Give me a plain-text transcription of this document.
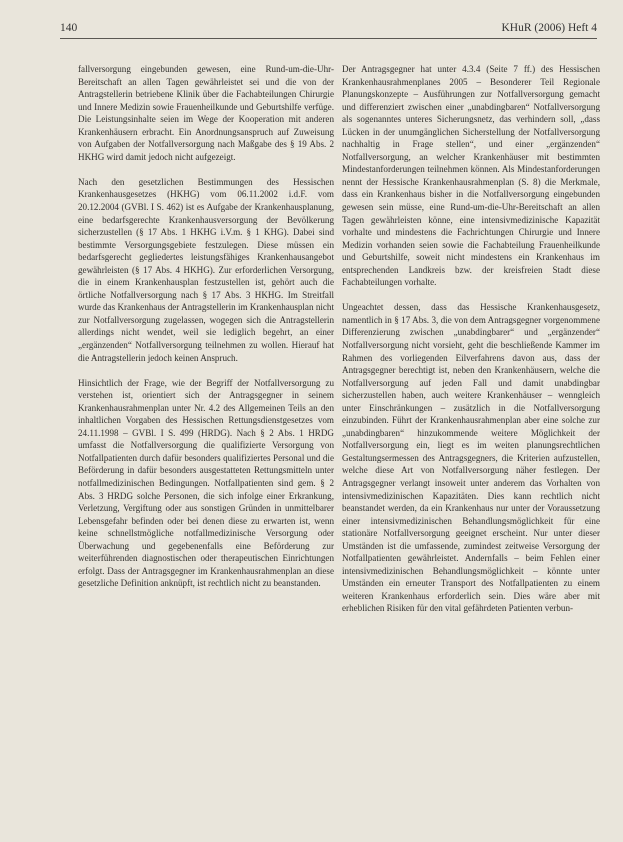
140	KHuR (2006) Heft 4

fallversorgung eingebunden gewesen, eine Rund-um-die-Uhr-Bereitschaft an allen Tagen gewährleistet sei und die von der Antragstellerin betriebene Klinik über die Fachabteilungen Chirurgie und Innere Medizin sowie Frauenheilkunde und Geburtshilfe verfüge. Die Leistungsinhalte seien im Wege der Kooperation mit anderen Krankenhäusern erbracht. Ein Anordnungsanspruch auf Zuweisung von Aufgaben der Notfallversorgung nach Maßgabe des § 19 Abs. 2 HKHG wird damit jedoch nicht aufgezeigt.

Nach den gesetzlichen Bestimmungen des Hessischen Krankenhausgesetzes (HKHG) vom 06.11.2002 i.d.F. vom 20.12.2004 (GVBl. I S. 462) ist es Aufgabe der Krankenhausplanung, eine bedarfsgerechte Krankenhausversorgung der Bevölkerung sicherzustellen (§ 17 Abs. 1 HKHG i.V.m. § 1 KHG). Dabei sind bestimmte Versorgungsgebiete festzulegen. Diese müssen ein bedarfsgerecht gegliedertes leistungsfähiges Krankenhausangebot gewährleisten (§ 17 Abs. 4 HKHG). Zur erforderlichen Versorgung, die in einem Krankenhausplan festzustellen ist, gehört auch die örtliche Notfallversorgung nach § 17 Abs. 3 HKHG. Im Streitfall wurde das Krankenhaus der Antragstellerin im Krankenhausplan nicht zur Notfallversorgung zugelassen, wogegen sich die Antragstellerin allerdings nicht wendet, weil sie lediglich begehrt, an einer „ergänzenden“ Notfallversorgung teilnehmen zu wollen. Hierauf hat die Antragstellerin jedoch keinen Anspruch.

Hinsichtlich der Frage, wie der Begriff der Notfallversorgung zu verstehen ist, orientiert sich der Antragsgegner in seinem Krankenhausrahmenplan unter Nr. 4.2 des Allgemeinen Teils an den inhaltlichen Vorgaben des Hessischen Rettungsdienstgesetzes vom 24.11.1998 – GVBl. I S. 499 (HRDG). Nach § 2 Abs. 1 HRDG umfasst die Notfallversorgung die qualifizierte Versorgung von Notfallpatienten durch dafür besonders qualifiziertes Personal und die Beförderung in dafür besonders ausgestatteten Rettungsmitteln unter notfallmedizinischen Bedingungen. Notfallpatienten sind gem. § 2 Abs. 3 HRDG solche Personen, die sich infolge einer Erkrankung, Verletzung, Vergiftung oder aus sonstigen Gründen in unmittelbarer Lebensgefahr befinden oder bei denen diese zu erwarten ist, wenn keine schnellstmögliche notfallmedizinische Versorgung oder Überwachung und gegebenenfalls eine Beförderung zur weiterführenden diagnostischen oder therapeutischen Einrichtungen erfolgt. Dass der Antragsgegner im Krankenhausrahmenplan an diese gesetzliche Definition anknüpft, ist rechtlich nicht zu beanstanden.

Der Antragsgegner hat unter 4.3.4 (Seite 7 ff.) des Hessischen Krankenhausrahmenplanes 2005 – Besonderer Teil Regionale Planungskonzepte – Ausführungen zur Notfallversorgung gemacht und differenziert zwischen einer „unabdingbaren“ Notfallversorgung als sogenanntes unteres Sicherungsnetz, das verhindern soll, „dass Lücken in der unumgänglichen Sicherstellung der Notfallversorgung nachhaltig in Frage stellen“, und einer „ergänzenden“ Notfallversorgung, an welcher Krankenhäuser mit bestimmten Mindestanforderungen teilnehmen können. Als Mindestanforderungen nennt der Hessische Krankenhausrahmenplan (S. 8) die Merkmale, dass ein Krankenhaus bisher in die Notfallversorgung eingebunden gewesen sein müsse, eine Rund-um-die-Uhr-Bereitschaft an allen Tagen gewährleisten könne, eine intensivmedizinische Kapazität vorhalte und mindestens die Fachrichtungen Chirurgie und Innere Medizin vorhanden seien sowie die Fachabteilung Frauenheilkunde und Geburtshilfe, soweit nicht mindestens ein Krankenhaus im entsprechenden Landkreis bzw. der kreisfreien Stadt diese Fachabteilungen vorhalte.

Ungeachtet dessen, dass das Hessische Krankenhausgesetz, namentlich in § 17 Abs. 3, die von dem Antragsgegner vorgenommene Differenzierung zwischen „unabdingbarer“ und „ergänzender“ Notfallversorgung nicht vorsieht, geht die beschließende Kammer im Rahmen des vorliegenden Eilverfahrens davon aus, dass der Antragsgegner berechtigt ist, neben den Krankenhäusern, welche die Notfallversorgung auf jeden Fall und damit unabdingbar sicherzustellen haben, auch weitere Krankenhäuser – wenngleich unter Einschränkungen – zusätzlich in die Notfallversorgung einzubinden. Führt der Krankenhausrahmenplan aber eine solche zur „unabdingbaren“ hinzukommende weitere Möglichkeit der Notfallversorgung ein, liegt es im weiten planungsrechtlichen Gestaltungsermessen des Antragsgegners, die Kriterien aufzustellen, welche diese Art von Notfallversorgung näher festlegen. Der Antragsgegner verlangt insoweit unter anderem das Vorhalten von intensivmedizinischen Kapazitäten. Dies kann rechtlich nicht beanstandet werden, da ein Krankenhaus nur unter der Voraussetzung einer intensivmedizinischen Behandlungsmöglichkeit für eine stationäre Notfallversorgung geeignet erscheint. Nur unter dieser Umständen ist die umfassende, zumindest zeitweise Versorgung der Notfallpatienten gewährleistet. Andernfalls – beim Fehlen einer intensivmedizinischen Behandlungsmöglichkeit – könnte unter Umständen ein erneuter Transport des Notfallpatienten zu einem weiteren Krankenhaus erforderlich sein. Dies wäre aber mit erheblichen Risiken für den vital gefährdeten Patienten verbun-
